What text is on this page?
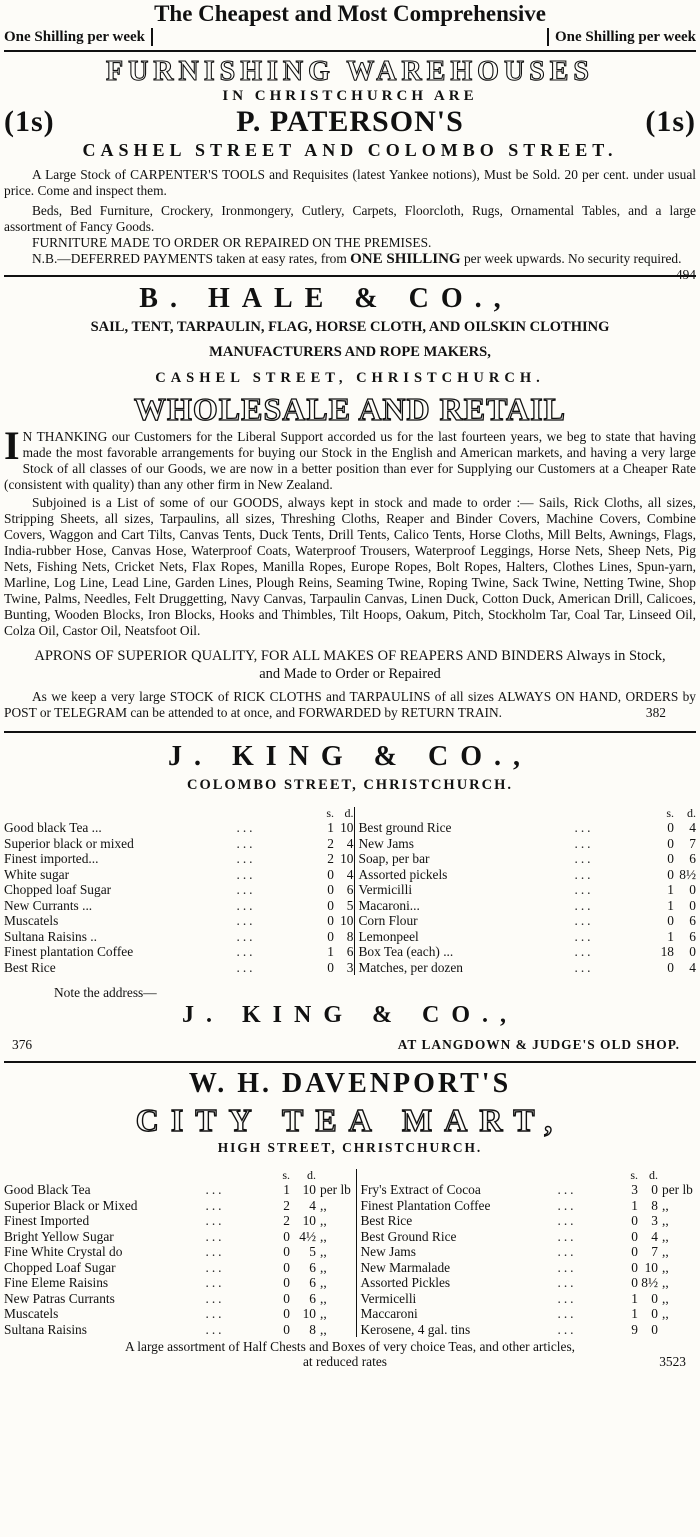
The Cheapest and Most Comprehensive
One Shilling per week	One Shilling per week
FURNISHING WAREHOUSES
IN CHRISTCHURCH ARE
(1s)	P. PATERSON'S	(1s)
CASHEL STREET AND COLOMBO STREET.

A Large Stock of CARPENTER'S TOOLS and Requisites (latest Yankee notions), Must be Sold. 20 per cent. under usual price. Come and inspect them.

Beds, Bed Furniture, Crockery, Ironmongery, Cutlery, Carpets, Floorcloth, Rugs, Ornamental Tables, and a large assortment of Fancy Goods.

FURNITURE MADE TO ORDER OR REPAIRED ON THE PREMISES.

N.B.—DEFERRED PAYMENTS taken at easy rates, from ONE SHILLING per week upwards. No security required.
494

B. HALE & CO.,
SAIL, TENT, TARPAULIN, FLAG, HORSE CLOTH, AND OILSKIN CLOTHING
MANUFACTURERS AND ROPE MAKERS,
CASHEL STREET, CHRISTCHURCH.
WHOLESALE AND RETAIL
I N THANKING our Customers for the Liberal Support accorded us for the last fourteen years, we beg to state that having made the most favorable arrangements for buying our Stock in the English and American markets, and having a very large Stock of all classes of our Goods, we are now in a better position than ever for Supplying our Customers at a Cheaper Rate (consistent with quality) than any other firm in New Zealand.

Subjoined is a List of some of our GOODS, always kept in stock and made to order :— Sails, Rick Cloths, all sizes, Stripping Sheets, all sizes, Tarpaulins, all sizes, Threshing Cloths, Reaper and Binder Covers, Machine Covers, Combine Covers, Waggon and Cart Tilts, Canvas Tents, Duck Tents, Drill Tents, Calico Tents, Horse Cloths, Mill Belts, Awnings, Flags, India-rubber Hose, Canvas Hose, Waterproof Coats, Waterproof Trousers, Waterproof Leggings, Horse Nets, Sheep Nets, Pig Nets, Fishing Nets, Cricket Nets, Flax Ropes, Manilla Ropes, Europe Ropes, Bolt Ropes, Halters, Clothes Lines, Spun-yarn, Marline, Log Line, Lead Line, Garden Lines, Plough Reins, Seaming Twine, Roping Twine, Sack Twine, Netting Twine, Shop Twine, Palms, Needles, Felt Druggetting, Navy Canvas, Tarpaulin Canvas, Linen Duck, Cotton Duck, American Drill, Calicoes, Bunting, Wooden Blocks, Iron Blocks, Hooks and Thimbles, Tilt Hoops, Oakum, Pitch, Stockholm Tar, Coal Tar, Linseed Oil, Colza Oil, Castor Oil, Neatsfoot Oil.

APRONS OF SUPERIOR QUALITY, FOR ALL MAKES OF REAPERS AND BINDERS Always in Stock, and Made to Order or Repaired

As we keep a very large STOCK of RICK CLOTHS and TARPAULINS of all sizes ALWAYS ON HAND, ORDERS by POST or TELEGRAM can be attended to at once, and FORWARDED by RETURN TRAIN.	382

J. KING & CO.,
COLOMBO STREET, CHRISTCHURCH.
		s.	d.			s.	d.
Good black Tea ...	...	1	10	Best ground Rice	...	0	4
Superior black or mixed	...	2	4	New Jams	...	0	7
Finest imported...	...	2	10	Soap, per bar	...	0	6
White sugar	...	0	4	Assorted pickels	...	0	8½
Chopped loaf Sugar	...	0	6	Vermicilli	...	1	0
New Currants ...	...	0	5	Macaroni...	...	1	0
Muscatels	...	0	10	Corn Flour	...	0	6
Sultana Raisins ..	...	0	8	Lemonpeel	...	1	6
Finest plantation Coffee	...	1	6	Box Tea (each) ...	...	18	0
Best Rice	...	0	3	Matches, per dozen	...	0	4
Note the address—
J. KING & CO.,
376	AT LANGDOWN & JUDGE'S OLD SHOP.
W. H. DAVENPORT'S
CITY TEA MART,
HIGH STREET, CHRISTCHURCH.
		s.	d.				s.	d.	
Good Black Tea	...	1	10	per lb	Fry's Extract of Cocoa	...	3	0	per lb
Superior Black or Mixed	...	2	4	,,	Finest Plantation Coffee	...	1	8	,,
Finest Imported	...	2	10	,,	Best Rice	...	0	3	,,
Bright Yellow Sugar	...	0	4½	,,	Best Ground Rice	...	0	4	,,
Fine White Crystal do	...	0	5	,,	New Jams	...	0	7	,,
Chopped Loaf Sugar	...	0	6	,,	New Marmalade	...	0	10	,,
Fine Eleme Raisins	...	0	6	,,	Assorted Pickles	...	0	8½	,,
New Patras Currants	...	0	6	,,	Vermicelli	...	1	0	,,
Muscatels	...	0	10	,,	Maccaroni	...	1	0	,,
Sultana Raisins	...	0	8	,,	Kerosene, 4 gal. tins	...	9	0	
A large assortment of Half Chests and Boxes of very choice Teas, and other articles,
at reduced rates	3523
